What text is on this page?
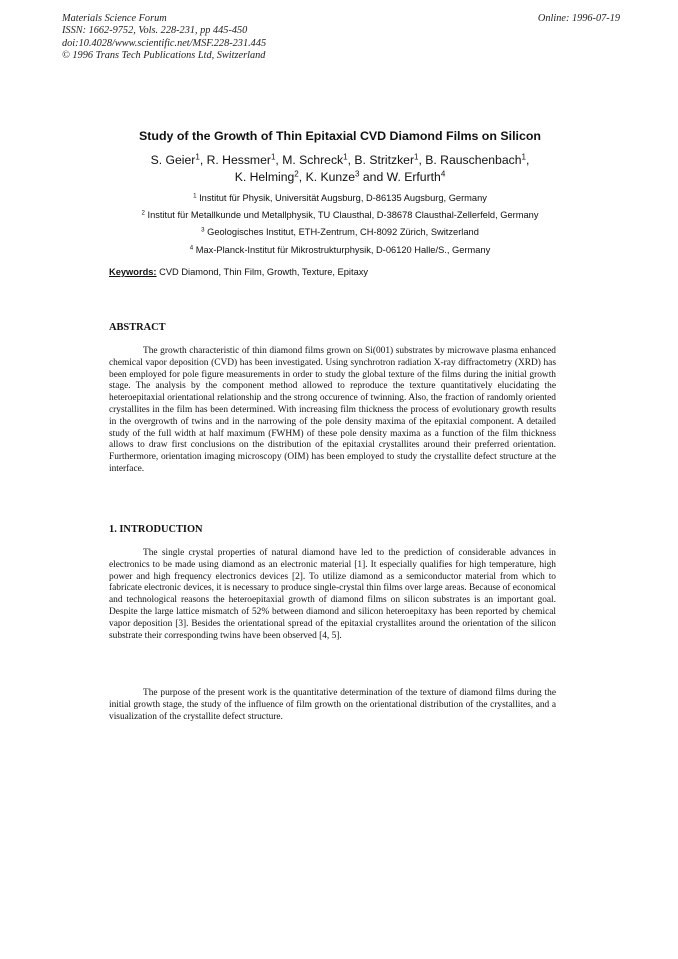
Materials Science Forum
ISSN: 1662-9752, Vols. 228-231, pp 445-450
doi:10.4028/www.scientific.net/MSF.228-231.445
© 1996 Trans Tech Publications Ltd, Switzerland
Online: 1996-07-19
Study of the Growth of Thin Epitaxial CVD Diamond Films on Silicon
S. Geier$^1$, R. Hessmer$^1$, M. Schreck$^1$, B. Stritzker$^1$, B. Rauschenbach$^1$,
K. Helming$^2$, K. Kunze$^3$ and W. Erfurth$^4$
$^1$ Institut für Physik, Universität Augsburg, D-86135 Augsburg, Germany
$^2$ Institut für Metallkunde und Metallphysik, TU Clausthal, D-38678 Clausthal-Zellerfeld, Germany
$^3$ Geologisches Institut, ETH-Zentrum, CH-8092 Zürich, Switzerland
$^4$ Max-Planck-Institut für Mikrostrukturphysik, D-06120 Halle/S., Germany
Keywords: CVD Diamond, Thin Film, Growth, Texture, Epitaxy
ABSTRACT
The growth characteristic of thin diamond films grown on Si(001) substrates by microwave plasma enhanced chemical vapor deposition (CVD) has been investigated. Using synchrotron radiation X-ray diffractometry (XRD) has been employed for pole figure measurements in order to study the global texture of the films during the initial growth stage. The analysis by the component method allowed to reproduce the texture quantitatively elucidating the heteroepitaxial orientational relationship and the strong occurence of twinning. Also, the fraction of randomly oriented crystallites in the film has been determined. With increasing film thickness the process of evolutionary growth results in the overgrowth of twins and in the narrowing of the pole density maxima of the epitaxial component. A detailed study of the full width at half maximum (FWHM) of these pole density maxima as a function of the film thickness allows to draw first conclusions on the distribution of the epitaxial crystallites around their preferred orientation. Furthermore, orientation imaging microscopy (OIM) has been employed to study the crystallite defect structure at the interface.
1. INTRODUCTION
The single crystal properties of natural diamond have led to the prediction of considerable advances in electronics to be made using diamond as an electronic material [1]. It especially qualifies for high temperature, high power and high frequency electronics devices [2]. To utilize diamond as a semiconductor material from which to fabricate electronic devices, it is necessary to produce single-crystal thin films over large areas. Because of economical and technological reasons the heteroepitaxial growth of diamond films on silicon substrates is an important goal. Despite the large lattice mismatch of 52% between diamond and silicon heteroepitaxy has been reported by chemical vapor deposition [3]. Besides the orientational spread of the epitaxial crystallites around the orientation of the silicon substrate their corresponding twins have been observed [4, 5].
The purpose of the present work is the quantitative determination of the texture of diamond films during the initial growth stage, the study of the influence of film growth on the orientational distribution of the crystallites, and a visualization of the crystallite defect structure.
